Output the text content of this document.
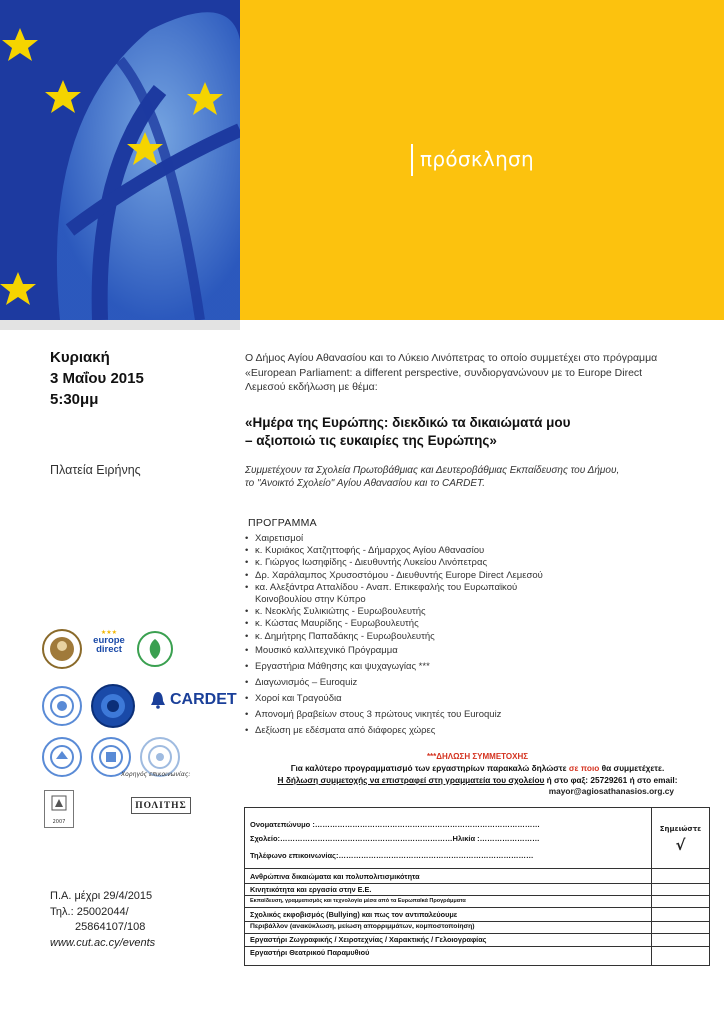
πρόσκληση
Κυριακή
3 Μαΐου 2015
5:30μμ
Πλατεία Ειρήνης
★★★
europe
direct
CARDET
2007
Χορηγός επικοινωνίας:
ΠΟΛΙΤΗΣ
Π.Α. μέχρι 29/4/2015
Τηλ.: 25002044/
25864107/108
www.cut.ac.cy/events
Ο Δήμος Αγίου Αθανασίου και το Λύκειο Λινόπετρας το οποίο συμμετέχει στο πρόγραμμα «European Parliament: a different perspective, συνδιοργανώνουν με το Europe Direct Λεμεσού εκδήλωση με θέμα:
«Ημέρα της Ευρώπης: διεκδικώ τα δικαιώματά μου
– αξιοποιώ τις ευκαιρίες της Ευρώπης»
Συμμετέχουν τα Σχολεία Πρωτοβάθμιας και Δευτεροβάθμιας Εκπαίδευσης του Δήμου,
το "Ανοικτό Σχολείο" Αγίου Αθανασίου και το CARDET.
ΠΡΟΓΡΑΜΜΑ
• Χαιρετισμοί
• κ. Κυριάκος Χατζηττοφής - Δήμαρχος Αγίου Αθανασίου
• κ. Γιώργος Ιωσηφίδης - Διευθυντής Λυκείου Λινόπετρας
• Δρ. Χαράλαμπος Χρυσοστόμου - Διευθυντής Europe Direct Λεμεσού
• κα. Αλεξάντρα Ατταλίδου - Αναπ. Επικεφαλής του Ευρωπαϊκού
Κοινοβουλίου στην Κύπρο
• κ. Νεοκλής Συλικιώτης - Ευρωβουλευτής
• κ. Κώστας Μαυρίδης - Ευρωβουλευτής
• κ. Δημήτρης Παπαδάκης - Ευρωβουλευτής
• Μουσικό καλλιτεχνικό Πρόγραμμα
• Εργαστήρια Μάθησης και ψυχαγωγίας ***
• Διαγωνισμός – Euroquiz
• Χοροί και Τραγούδια
• Απονομή βραβείων στους 3 πρώτους νικητές του Euroquiz
• Δεξίωση με εδέσματα από διάφορες χώρες
***ΔΗΛΩΣΗ ΣΥΜΜΕΤΟΧΗΣ
Για καλύτερο προγραμματισμό των εργαστηρίων παρακαλώ δηλώστε σε ποιο θα συμμετέχετε.
Η δήλωση συμμετοχής να επιστραφεί στη γραμματεία του σχολείου ή στο φαξ: 25729261 ή στο email:
mayor@agiosathanasios.org.cy
Σημειώστε
√
Ονοματεπώνυμο :………………………………………………………………………………
Σχολείο:……………………………………………………………Ηλικία :……………………
Τηλέφωνο επικοινωνίας:……………………………………………………………………
Ανθρώπινα δικαιώματα και πολυπολιτισμικότητα
Κινητικότητα και εργασία στην Ε.Ε.
Εκπαίδευση, γραμματισμός και τεχνολογία μέσα από τα Ευρωπαϊκά Προγράμματα
Σχολικός εκφοβισμός (Bullying) και πως τον αντιπαλεύουμε
Περιβάλλον (ανακύκλωση, μείωση απορριμμάτων, κομποστοποίηση)
Εργαστήρι Ζωγραφικής / Χειροτεχνίας / Χαρακτικής / Γελοιογραφίας
Εργαστήρι Θεατρικού Παραμυθιού
